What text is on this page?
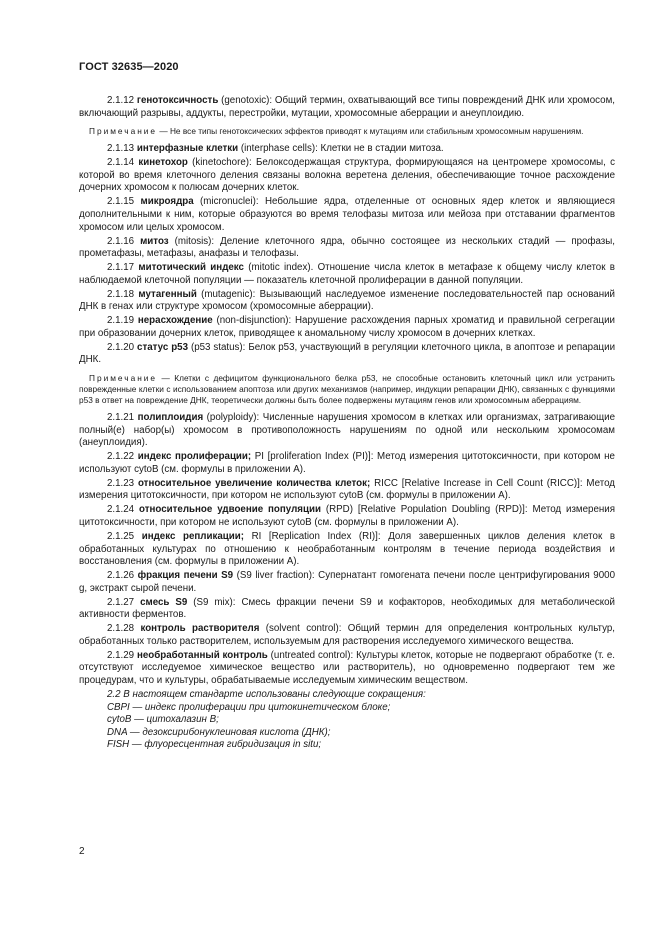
ГОСТ 32635—2020

2.1.12 генотоксичность (genotoxic): Общий термин, охватывающий все типы повреждений ДНК или хромосом, включающий разрывы, аддукты, перестройки, мутации, хромосомные аберрации и анеуплоидию.

Примечание — Не все типы генотоксических эффектов приводят к мутациям или стабильным хромосомным нарушениям.

2.1.13 интерфазные клетки (interphase cells): Клетки не в стадии митоза.

2.1.14 кинетохор (kinetochore): Белоксодержащая структура, формирующаяся на центромере хромосомы, с которой во время клеточного деления связаны волокна веретена деления, обеспечивающие точное расхождение дочерних хромосом к полюсам дочерних клеток.

2.1.15 микроядра (micronuclei): Небольшие ядра, отделенные от основных ядер клеток и являющиеся дополнительными к ним, которые образуются во время телофазы митоза или мейоза при отставании фрагментов хромосом или целых хромосом.

2.1.16 митоз (mitosis): Деление клеточного ядра, обычно состоящее из нескольких стадий — профазы, прометафазы, метафазы, анафазы и телофазы.

2.1.17 митотический индекс (mitotic index). Отношение числа клеток в метафазе к общему числу клеток в наблюдаемой клеточной популяции — показатель клеточной пролиферации в данной популяции.

2.1.18 мутагенный (mutagenic): Вызывающий наследуемое изменение последовательностей пар оснований ДНК в генах или структуре хромосом (хромосомные аберрации).

2.1.19 нерасхождение (non-disjunction): Нарушение расхождения парных хроматид и правильной сегрегации при образовании дочерних клеток, приводящее к аномальному числу хромосом в дочерних клетках.

2.1.20 статус p53 (p53 status): Белок p53, участвующий в регуляции клеточного цикла, в апоптозе и репарации ДНК.

Примечание — Клетки с дефицитом функционального белка p53, не способные остановить клеточный цикл или устранить поврежденные клетки с использованием апоптоза или других механизмов (например, индукции репарации ДНК), связанных с функциями p53 в ответ на повреждение ДНК, теоретически должны быть более подвержены мутациям генов или хромосомным аберрациям.

2.1.21 полиплоидия (polyploidy): Численные нарушения хромосом в клетках или организмах, затрагивающие полный(е) набор(ы) хромосом в противоположность нарушениям по одной или нескольким хромосомам (анеуплоидия).

2.1.22 индекс пролиферации; PI [proliferation Index (PI)]: Метод измерения цитотоксичности, при котором не используют cytoB (см. формулы в приложении А).

2.1.23 относительное увеличение количества клеток; RICC [Relative Increase in Cell Count (RICC)]: Метод измерения цитотоксичности, при котором не используют cytoB (см. формулы в приложении А).

2.1.24 относительное удвоение популяции (RPD) [Relative Population Doubling (RPD)]: Метод измерения цитотоксичности, при котором не используют cytoB (см. формулы в приложении А).

2.1.25 индекс репликации; RI [Replication Index (RI)]: Доля завершенных циклов деления клеток в обработанных культурах по отношению к необработанным контролям в течение периода воздействия и восстановления (см. формулы в приложении А).

2.1.26 фракция печени S9 (S9 liver fraction): Супернатант гомогената печени после центрифугирования 9000 g, экстракт сырой печени.

2.1.27 смесь S9 (S9 mix): Смесь фракции печени S9 и кофакторов, необходимых для метаболической активности ферментов.

2.1.28 контроль растворителя (solvent control): Общий термин для определения контрольных культур, обработанных только растворителем, используемым для растворения исследуемого химического вещества.

2.1.29 необработанный контроль (untreated control): Культуры клеток, которые не подвергают обработке (т. е. отсутствуют исследуемое химическое вещество или растворитель), но одновременно подвергают тем же процедурам, что и культуры, обрабатываемые исследуемым химическим веществом.

2.2 В настоящем стандарте использованы следующие сокращения:

CBPI — индекс пролиферации при цитокинетическом блоке;

cytoB — цитохалазин B;

DNA — дезоксирибонуклеиновая кислота (ДНК);

FISH — флуоресцентная гибридизация in situ;

2
